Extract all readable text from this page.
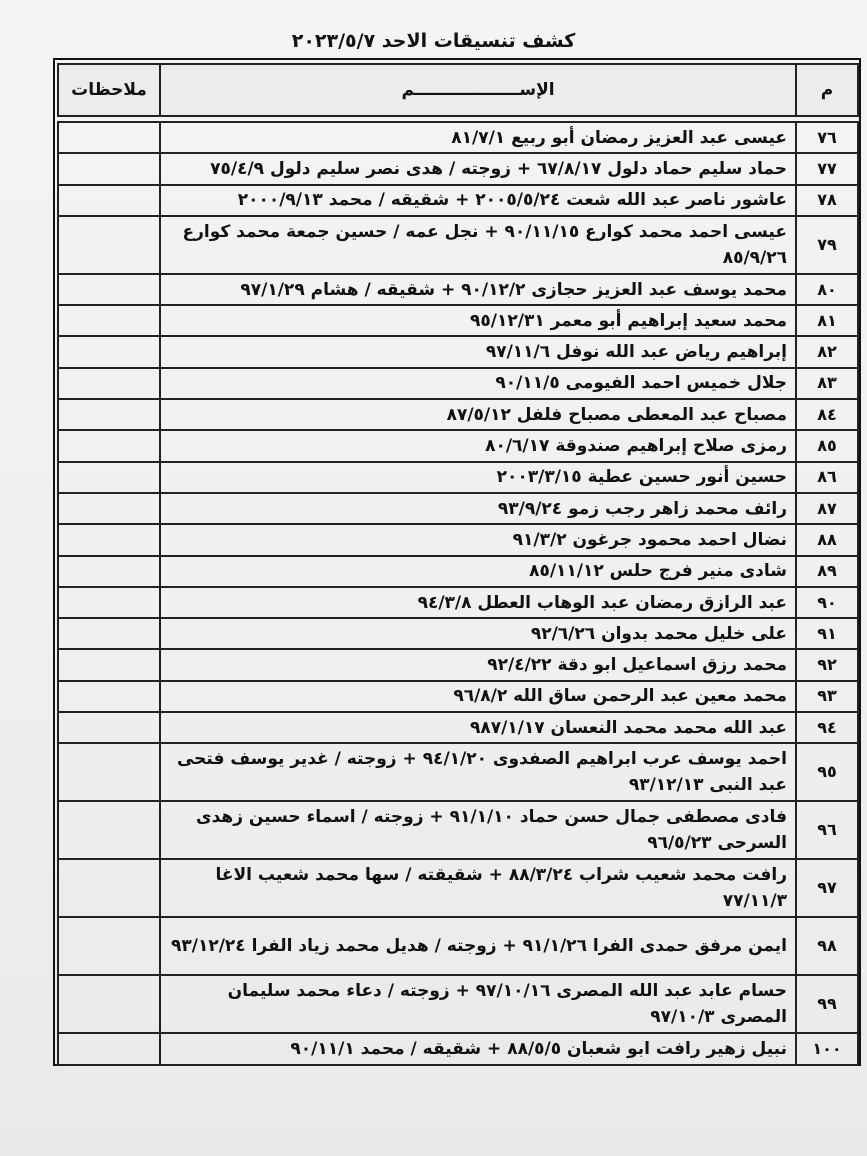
كشف تنسيقات الاحد ٢٠٢٣/٥/٧
م	الإســــــــــــــــــم	ملاحظات

٧٦	عيسى عبد العزيز رمضان أبو ربيع ٨١/٧/١	
٧٧	حماد سليم حماد دلول ٦٧/٨/١٧ + زوجته / هدى نصر سليم دلول ٧٥/٤/٩	
٧٨	عاشور ناصر عبد الله شعت ٢٠٠٥/٥/٢٤ + شقيقه / محمد ٢٠٠٠/٩/١٣	
٧٩	عيسى احمد محمد كوارع ٩٠/١١/١٥ + نجل عمه / حسين جمعة محمد كوارع ٨٥/٩/٢٦	
٨٠	محمد يوسف عبد العزيز حجازى ٩٠/١٢/٢ + شقيقه / هشام ٩٧/١/٢٩	
٨١	محمد سعيد إبراهيم أبو معمر ٩٥/١٢/٣١	
٨٢	إبراهيم رياض عبد الله نوفل ٩٧/١١/٦	
٨٣	جلال خميس احمد الفيومى ٩٠/١١/٥	
٨٤	مصباح عبد المعطى مصباح فلفل ٨٧/٥/١٢	
٨٥	رمزى صلاح إبراهيم صندوقة ٨٠/٦/١٧	
٨٦	حسين أنور حسين عطية ٢٠٠٣/٣/١٥	
٨٧	رائف محمد زاهر رجب زمو ٩٣/٩/٢٤	
٨٨	نضال احمد محمود جرغون ٩١/٣/٢	
٨٩	شادى منير فرج حلس ٨٥/١١/١٢	
٩٠	عبد الرازق رمضان عبد الوهاب العطل ٩٤/٣/٨	
٩١	على خليل محمد بدوان ٩٢/٦/٢٦	
٩٢	محمد رزق اسماعيل ابو دقة ٩٢/٤/٢٢	
٩٣	محمد معين عبد الرحمن ساق الله ٩٦/٨/٢	
٩٤	عبد الله محمد محمد النعسان ٩٨٧/١/١٧	
٩٥	احمد يوسف عرب ابراهيم الصفدوى ٩٤/١/٢٠ + زوجته / غدير يوسف فتحى عبد النبى ٩٣/١٢/١٣	
٩٦	فادى مصطفى جمال حسن حماد ٩١/١/١٠ + زوجته / اسماء حسين زهدى السرحى ٩٦/٥/٢٣	
٩٧	رافت محمد شعيب شراب ٨٨/٣/٢٤ + شقيقته / سها محمد شعيب الاغا ٧٧/١١/٣	
٩٨	ايمن مرفق حمدى الفرا ٩١/١/٢٦ + زوجته / هديل محمد زياد الفرا ٩٣/١٢/٢٤	
٩٩	حسام عابد عبد الله المصرى ٩٧/١٠/١٦ + زوجته / دعاء محمد سليمان المصرى ٩٧/١٠/٣	
١٠٠	نبيل زهير رافت ابو شعبان ٨٨/٥/٥ + شقيقه / محمد ٩٠/١١/١	
